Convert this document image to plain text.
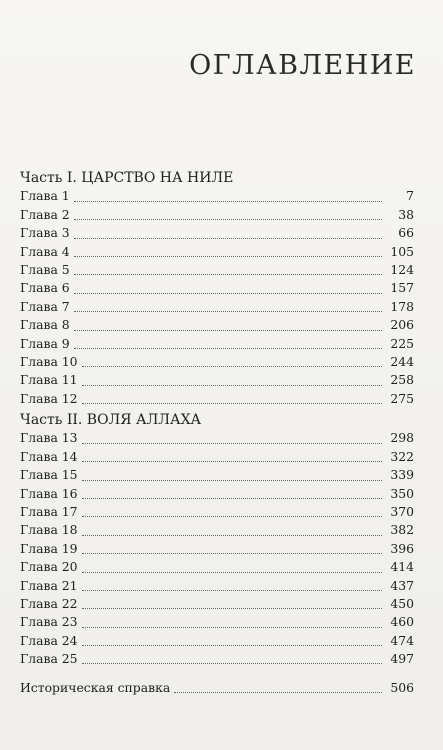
ОГЛАВЛЕНИЕ
Часть I. ЦАРСТВО НА НИЛЕ
Глава 1	7
Глава 2	38
Глава 3	66
Глава 4	105
Глава 5	124
Глава 6	157
Глава 7	178
Глава 8	206
Глава 9	225
Глава 10	244
Глава 11	258
Глава 12	275
Часть II. ВОЛЯ АЛЛАХА
Глава 13	298
Глава 14	322
Глава 15	339
Глава 16	350
Глава 17	370
Глава 18	382
Глава 19	396
Глава 20	414
Глава 21	437
Глава 22	450
Глава 23	460
Глава 24	474
Глава 25	497
Историческая справка	506
